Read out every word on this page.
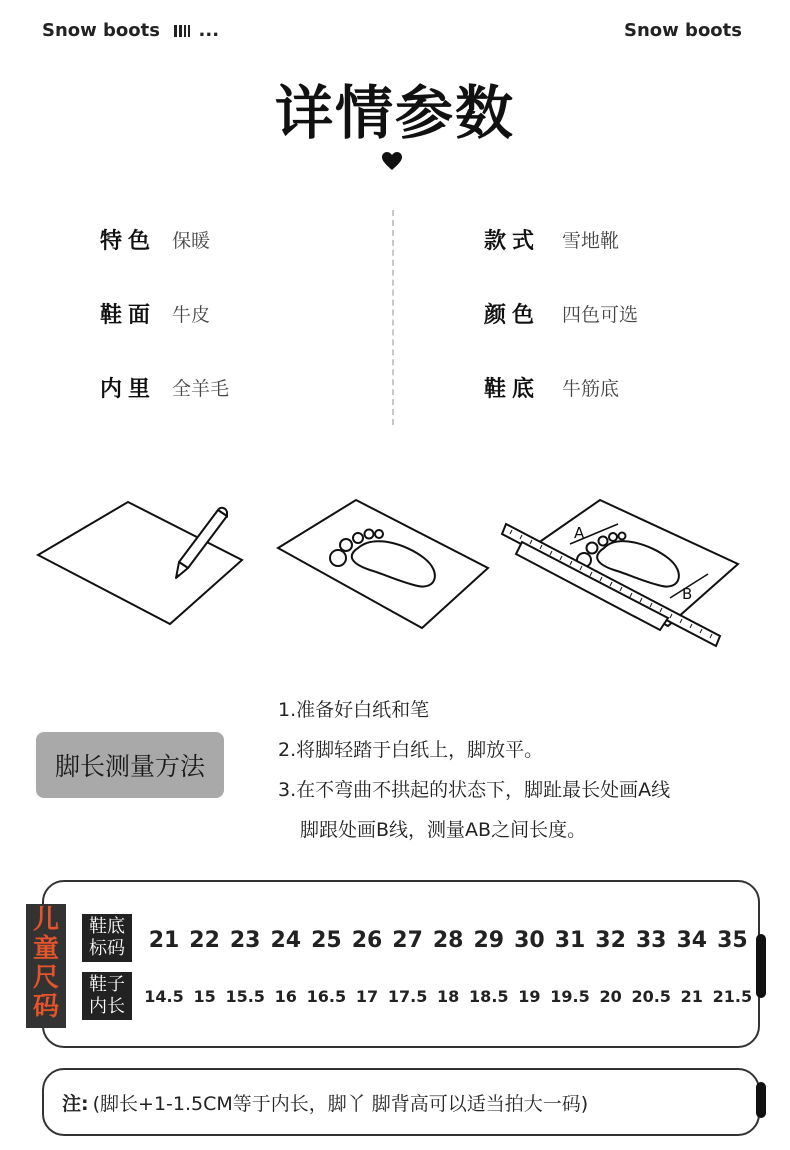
Snow boots ...	Snow boots
详情参数
特色 保暖
鞋面 牛皮
内里 全羊毛
款式 雪地靴
颜色 四色可选
鞋底 牛筋底
A
B
脚长测量方法
1.准备好白纸和笔
2.将脚轻踏于白纸上，脚放平。
3.在不弯曲不拱起的状态下，脚趾最长处画A线
脚跟处画B线，测量AB之间长度。
儿
童
尺
码
鞋底
标码
鞋子
内长
21 22 23 24 25 26 27 28 29 30 31 32 33 34 35
14.5 15 15.5 16 16.5 17 17.5 18 18.5 19 19.5 20 20.5 21 21.5
注: (脚长+1-1.5CM等于内长，脚丫 脚背高可以适当拍大一码)
